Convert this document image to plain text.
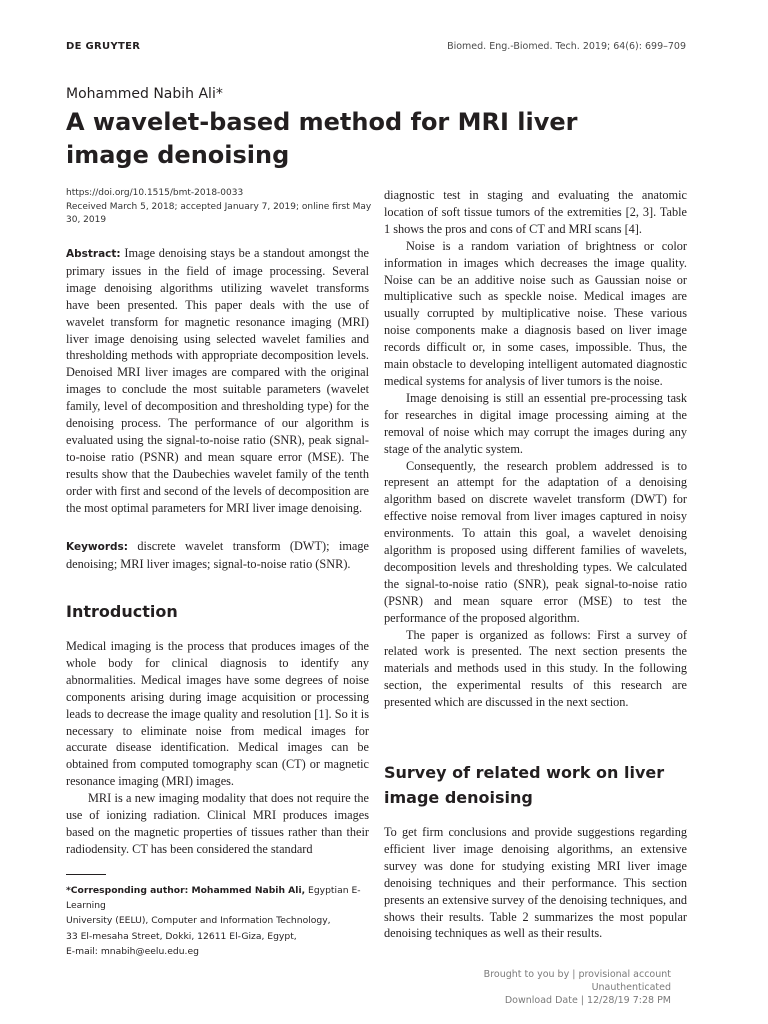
DE GRUYTER	Biomed. Eng.-Biomed. Tech. 2019; 64(6): 699–709
Mohammed Nabih Ali*
A wavelet-based method for MRI liver image denoising
https://doi.org/10.1515/bmt-2018-0033
Received March 5, 2018; accepted January 7, 2019; online first May 30, 2019

Abstract: Image denoising stays be a standout amongst the primary issues in the field of image processing. Several image denoising algorithms utilizing wavelet transforms have been presented. This paper deals with the use of wavelet transform for magnetic resonance imaging (MRI) liver image denoising using selected wavelet families and thresholding methods with appropriate decomposition levels. Denoised MRI liver images are compared with the original images to conclude the most suitable parameters (wavelet family, level of decomposition and thresholding type) for the denoising process. The performance of our algorithm is evaluated using the signal-to-noise ratio (SNR), peak signal-to-noise ratio (PSNR) and mean square error (MSE). The results show that the Daubechies wavelet family of the tenth order with first and second of the levels of decomposition are the most optimal parameters for MRI liver image denoising.

Keywords: discrete wavelet transform (DWT); image denoising; MRI liver images; signal-to-noise ratio (SNR).

Introduction

Medical imaging is the process that produces images of the whole body for clinical diagnosis to identify any abnormalities. Medical images have some degrees of noise components arising during image acquisition or processing leads to decrease the image quality and resolution [1]. So it is necessary to eliminate noise from medical images for accurate disease identification. Medical images can be obtained from computed tomography scan (CT) or magnetic resonance imaging (MRI) images.

MRI is a new imaging modality that does not require the use of ionizing radiation. Clinical MRI produces images based on the magnetic properties of tissues rather than their radiodensity. CT has been considered the standard

*Corresponding author: Mohammed Nabih Ali, Egyptian E-Learning
University (EELU), Computer and Information Technology,
33 El-mesaha Street, Dokki, 12611 El-Giza, Egypt,
E-mail: mnabih@eelu.edu.eg

diagnostic test in staging and evaluating the anatomic location of soft tissue tumors of the extremities [2, 3]. Table 1 shows the pros and cons of CT and MRI scans [4].

Noise is a random variation of brightness or color information in images which decreases the image quality. Noise can be an additive noise such as Gaussian noise or multiplicative such as speckle noise. Medical images are usually corrupted by multiplicative noise. These various noise components make a diagnosis based on liver image records difficult or, in some cases, impossible. Thus, the main obstacle to developing intelligent automated diagnostic medical systems for analysis of liver tumors is the noise.

Image denoising is still an essential pre-processing task for researches in digital image processing aiming at the removal of noise which may corrupt the images during any stage of the analytic system.

Consequently, the research problem addressed is to represent an attempt for the adaptation of a denoising algorithm based on discrete wavelet transform (DWT) for effective noise removal from liver images captured in noisy environments. To attain this goal, a wavelet denoising algorithm is proposed using different families of wavelets, decomposition levels and thresholding types. We calculated the signal-to-noise ratio (SNR), peak signal-to-noise ratio (PSNR) and mean square error (MSE) to test the performance of the proposed algorithm.

The paper is organized as follows: First a survey of related work is presented. The next section presents the materials and methods used in this study. In the following section, the experimental results of this research are presented which are discussed in the next section.

Survey of related work on liver image denoising

To get firm conclusions and provide suggestions regarding efficient liver image denoising algorithms, an extensive survey was done for studying existing MRI liver image denoising techniques and their performance. This section presents an extensive survey of the denoising techniques, and shows their results. Table 2 summarizes the most popular denoising techniques as well as their results.

Brought to you by | provisional account
Unauthenticated
Download Date | 12/28/19 7:28 PM
